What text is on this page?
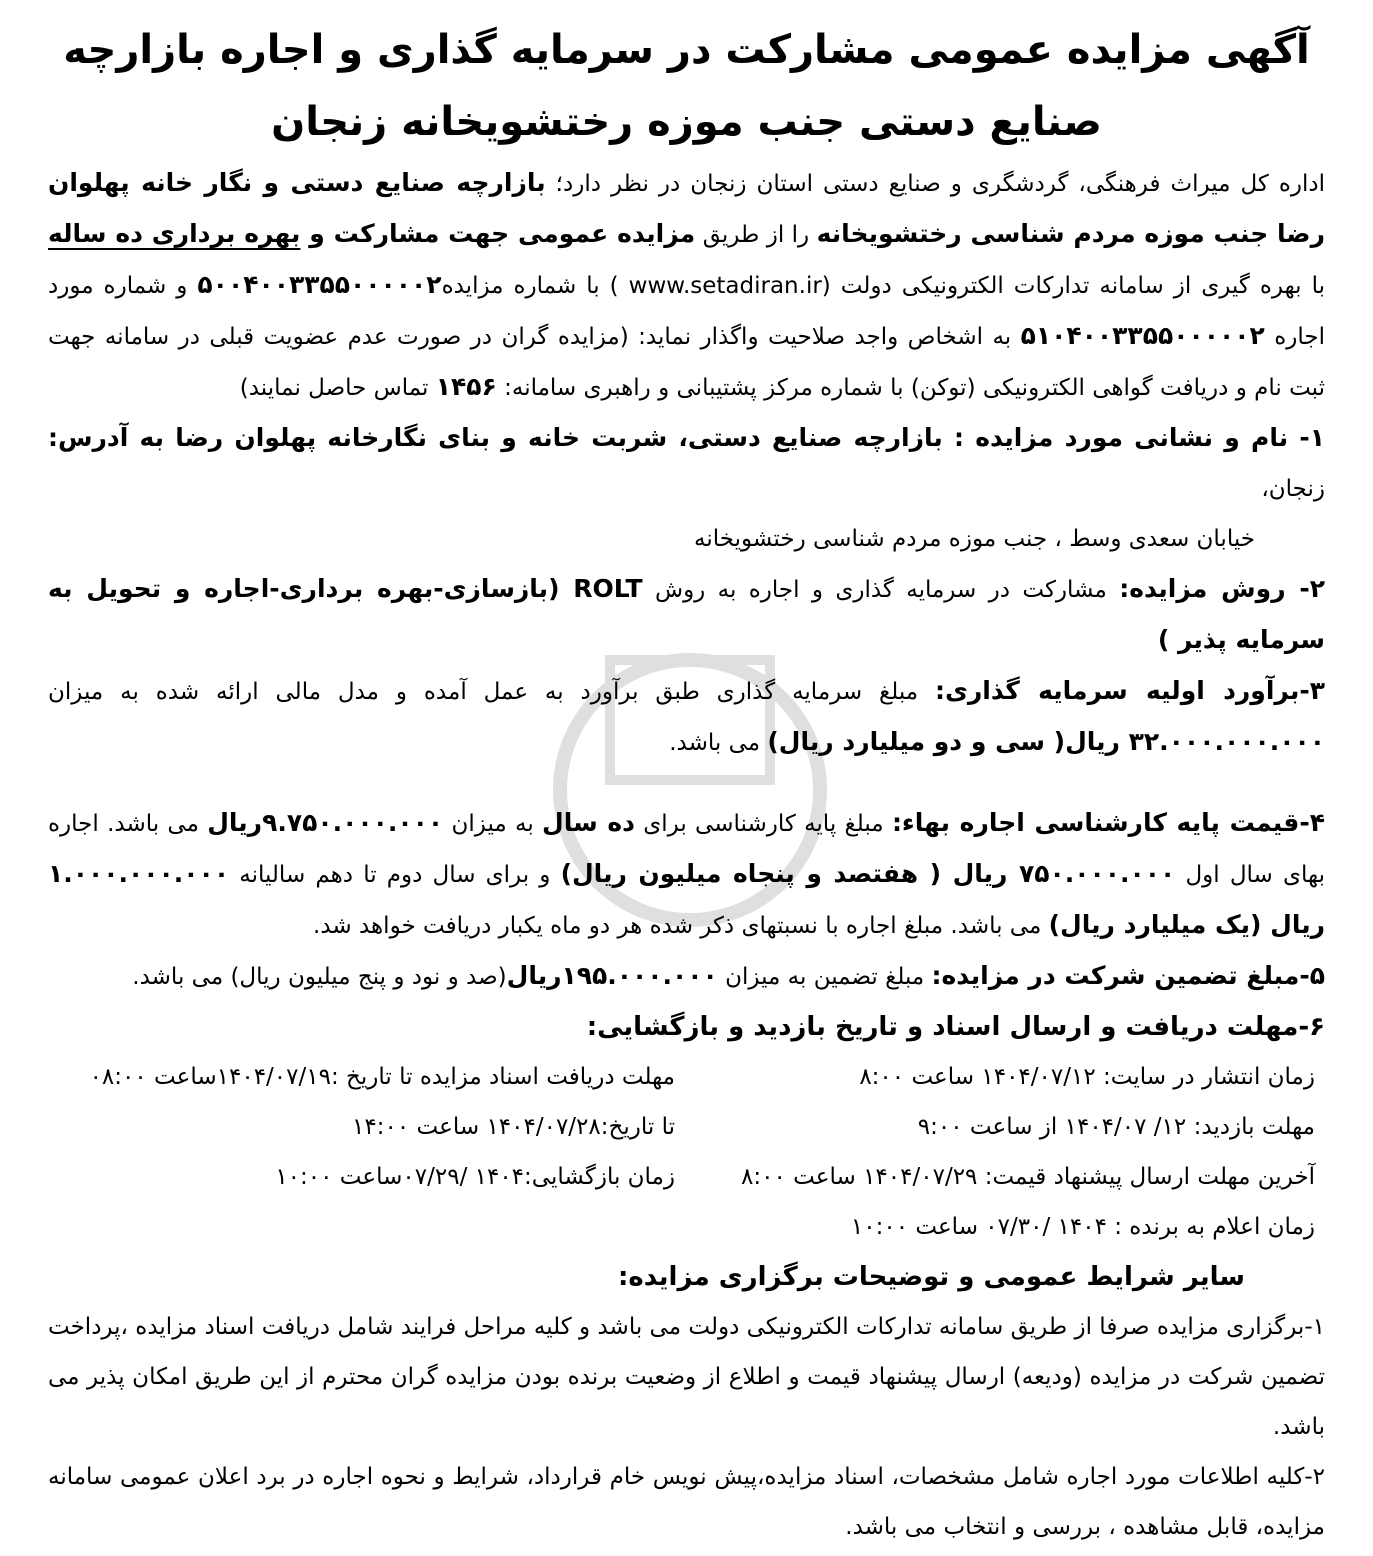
آگهی مزایده عمومی مشارکت در سرمایه گذاری و اجاره بازارچه
صنایع دستی جنب موزه رختشویخانه زنجان

اداره کل میراث فرهنگی، گردشگری و صنایع دستی استان زنجان در نظر دارد؛ بازارچه صنایع دستی و نگار خانه پهلوان رضا جنب موزه مردم شناسی رختشویخانه را از طریق مزایده عمومی جهت مشارکت و بهره برداری ده ساله با بهره گیری از سامانه تدارکات الکترونیکی دولت (www.setadiran.ir ) با شماره مزایده۵۰۰۴۰۰۳۳۵۵۰۰۰۰۰۲ و شماره مورد اجاره ۵۱۰۴۰۰۳۳۵۵۰۰۰۰۰۲ به اشخاص واجد صلاحیت واگذار نماید: (مزایده گران در صورت عدم عضویت قبلی در سامانه جهت ثبت نام و دریافت گواهی الکترونیکی (توکن) با شماره مرکز پشتیبانی و راهبری سامانه: ۱۴۵۶ تماس حاصل نمایند)

۱- نام و نشانی مورد مزایده : بازارچه صنایع دستی، شربت خانه و بنای نگارخانه پهلوان رضا به آدرس: زنجان،

خیابان سعدی وسط ، جنب موزه مردم شناسی رختشویخانه

۲- روش مزایده: مشارکت در سرمایه گذاری و اجاره به روش ROLT (بازسازی-بهره برداری-اجاره و تحویل به سرمایه پذیر )

۳-برآورد اولیه سرمایه گذاری: مبلغ سرمایه گذاری طبق برآورد به عمل آمده و مدل مالی ارائه شده به میزان ۳۲.۰۰۰.۰۰۰.۰۰۰ ریال( سی و دو میلیارد ریال) می باشد.

۴-قیمت پایه کارشناسی اجاره بهاء: مبلغ پایه کارشناسی برای ده سال به میزان ۹.۷۵۰.۰۰۰.۰۰۰ریال می باشد. اجاره بهای سال اول ۷۵۰.۰۰۰.۰۰۰ ریال ( هفتصد و پنجاه میلیون ریال) و برای سال دوم تا دهم سالیانه ۱.۰۰۰.۰۰۰.۰۰۰ ریال (یک میلیارد ریال) می باشد. مبلغ اجاره با نسبتهای ذکر شده هر دو ماه یکبار دریافت خواهد شد.

۵-مبلغ تضمین شرکت در مزایده: مبلغ تضمین به میزان ۱۹۵.۰۰۰.۰۰۰ریال(صد و نود و پنج میلیون ریال) می باشد.

۶-مهلت دریافت و ارسال اسناد و تاریخ بازدید و بازگشایی:

زمان انتشار در سایت: ۱۴۰۴/۰۷/۱۲ ساعت ۸:۰۰
مهلت دریافت اسناد مزایده تا تاریخ :۱۴۰۴/۰۷/۱۹ساعت ۰۸:۰۰
مهلت بازدید: ۱۲/ ۱۴۰۴/۰۷ از ساعت ۹:۰۰
تا تاریخ:۱۴۰۴/۰۷/۲۸ ساعت ۱۴:۰۰
آخرین مهلت ارسال پیشنهاد قیمت: ۱۴۰۴/۰۷/۲۹ ساعت ۸:۰۰
زمان بازگشایی:۱۴۰۴ /۰۷/۲۹ساعت ۱۰:۰۰
زمان اعلام به برنده : ۱۴۰۴ /۰۷/۳۰ ساعت ۱۰:۰۰

سایر شرایط عمومی و توضیحات برگزاری مزایده:

۱-برگزاری مزایده صرفا از طریق سامانه تدارکات الکترونیکی دولت می باشد و کلیه مراحل فرایند شامل دریافت اسناد مزایده ،پرداخت تضمین شرکت در مزایده (ودیعه) ارسال پیشنهاد قیمت و اطلاع از وضعیت برنده بودن مزایده گران محترم از این طریق امکان پذیر می باشد.

۲-کلیه اطلاعات مورد اجاره شامل مشخصات، اسناد مزایده،پیش نویس خام قرارداد، شرایط و نحوه اجاره در برد اعلان عمومی سامانه مزایده، قابل مشاهده ، بررسی و انتخاب می باشد.
